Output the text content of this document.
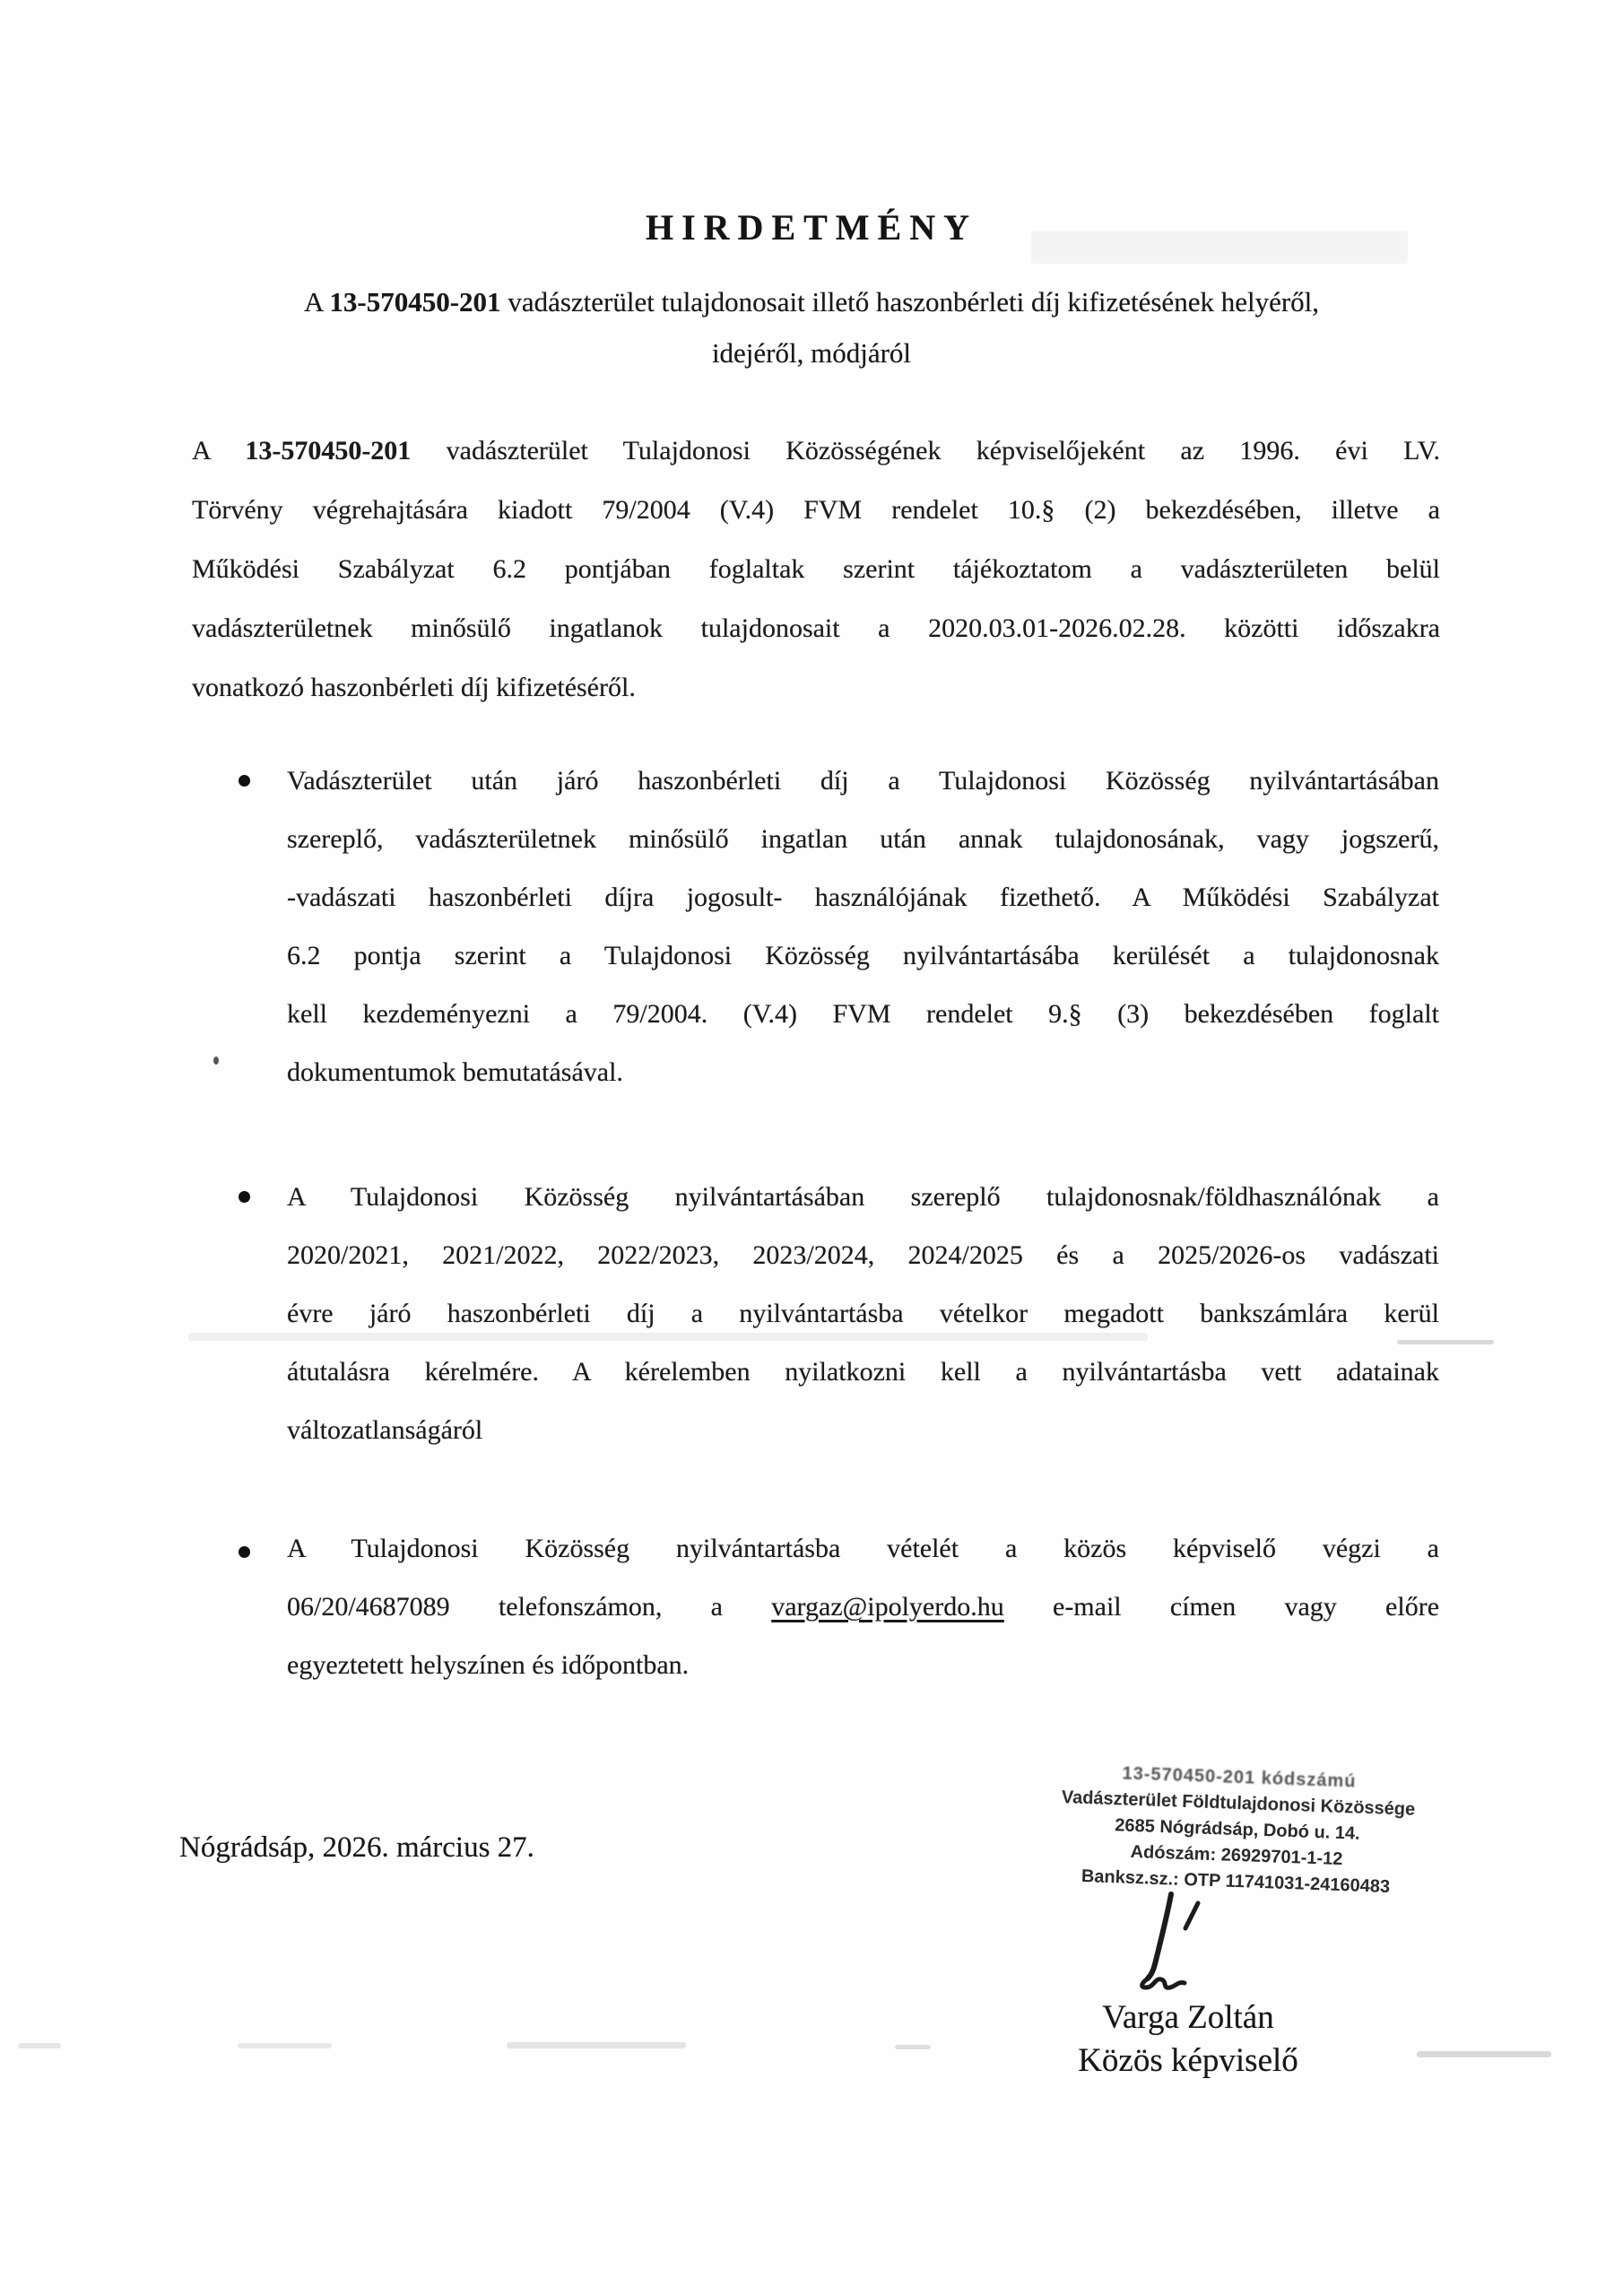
HIRDETMÉNY
A 13-570450-201 vadászterület tulajdonosait illető haszonbérleti díj kifizetésének helyéről,
idejéről, módjáról
A 13-570450-201 vadászterület Tulajdonosi Közösségének képviselőjeként az 1996. évi LV.
Törvény végrehajtására kiadott 79/2004 (V.4) FVM rendelet 10.§ (2) bekezdésében, illetve a
Működési Szabályzat 6.2 pontjában foglaltak szerint tájékoztatom a vadászterületen belül
vadászterületnek minősülő ingatlanok tulajdonosait a 2020.03.01-2026.02.28. közötti időszakra
vonatkozó haszonbérleti díj kifizetéséről.
Vadászterület után járó haszonbérleti díj a Tulajdonosi Közösség nyilvántartásában
szereplő, vadászterületnek minősülő ingatlan után annak tulajdonosának, vagy jogszerű,
-vadászati haszonbérleti díjra jogosult- használójának fizethető. A Működési Szabályzat
6.2 pontja szerint a Tulajdonosi Közösség nyilvántartásába kerülését a tulajdonosnak
kell kezdeményezni a 79/2004. (V.4) FVM rendelet 9.§ (3) bekezdésében foglalt
dokumentumok bemutatásával.
A Tulajdonosi Közösség nyilvántartásában szereplő tulajdonosnak/földhasználónak a
2020/2021, 2021/2022, 2022/2023, 2023/2024, 2024/2025 és a 2025/2026-os vadászati
évre járó haszonbérleti díj a nyilvántartásba vételkor megadott bankszámlára kerül
átutalásra kérelmére. A kérelemben nyilatkozni kell a nyilvántartásba vett adatainak
változatlanságáról
A Tulajdonosi Közösség nyilvántartásba vételét a közös képviselő végzi a
06/20/4687089 telefonszámon, a vargaz@ipolyerdo.hu e-mail címen vagy előre
egyeztetett helyszínen és időpontban.
Nógrádsáp, 2026. március 27.
13-570450-201 kódszámú
Vadászterület Földtulajdonosi Közössége
2685 Nógrádsáp, Dobó u. 14.
Adószám: 26929701-1-12
Banksz.sz.: OTP 11741031-24160483
Varga Zoltán
Közös képviselő
